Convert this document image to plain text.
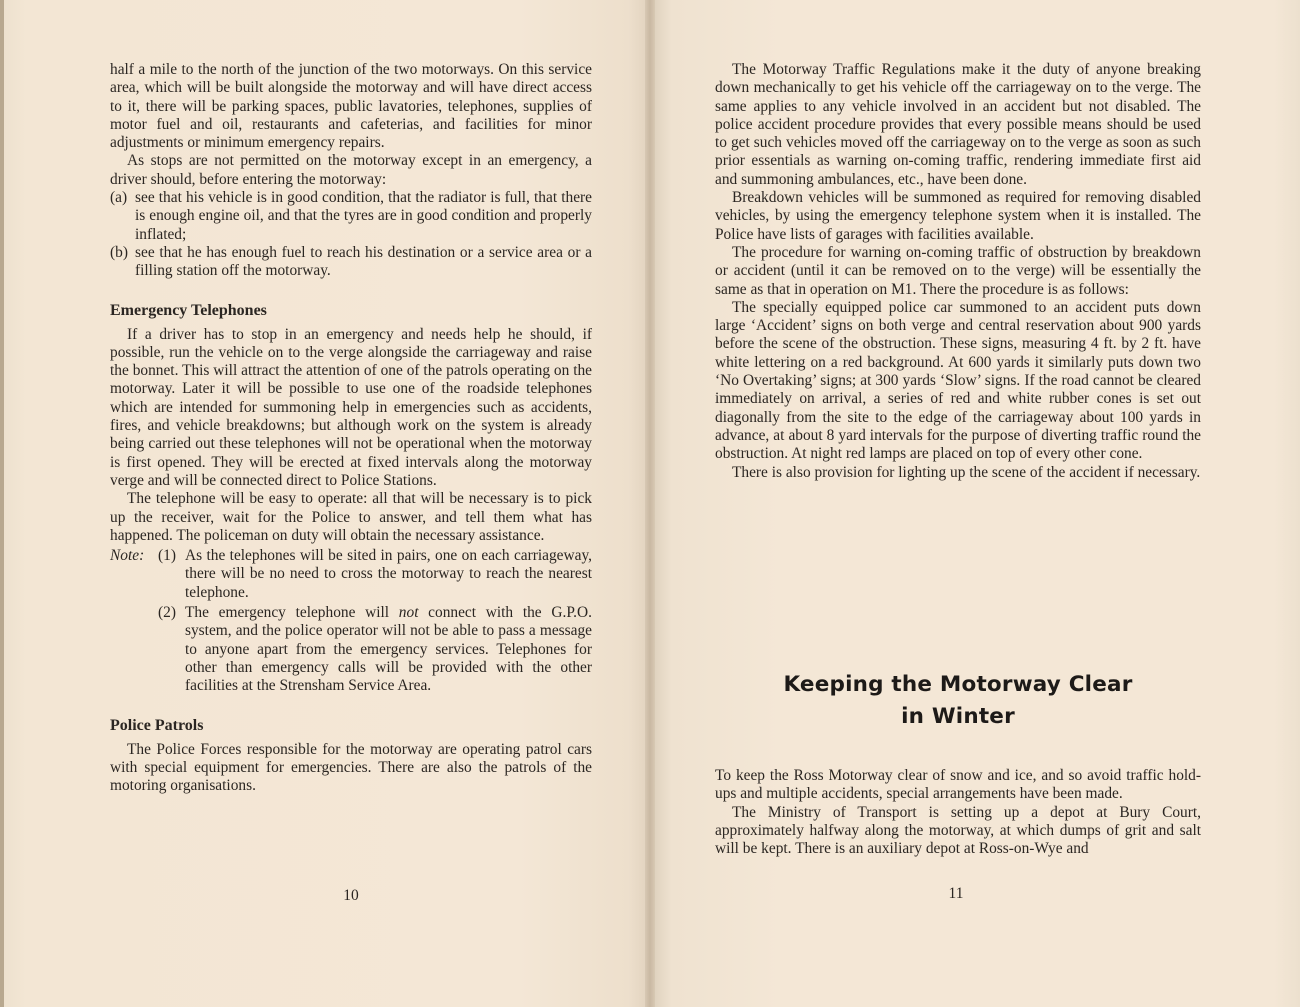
half a mile to the north of the junction of the two motorways. On this service area, which will be built alongside the motorway and will have direct access to it, there will be parking spaces, public lavatories, telephones, supplies of motor fuel and oil, restaurants and cafeterias, and facilities for minor adjustments or minimum emergency repairs.

As stops are not permitted on the motorway except in an emergency, a driver should, before entering the motorway:

(a) see that his vehicle is in good condition, that the radiator is full, that there is enough engine oil, and that the tyres are in good condition and properly inflated;

(b) see that he has enough fuel to reach his destination or a service area or a filling station off the motorway.

Emergency Telephones

If a driver has to stop in an emergency and needs help he should, if possible, run the vehicle on to the verge alongside the carriageway and raise the bonnet. This will attract the attention of one of the patrols operating on the motorway. Later it will be possible to use one of the roadside telephones which are intended for summoning help in emergencies such as accidents, fires, and vehicle breakdowns; but although work on the system is already being carried out these telephones will not be operational when the motorway is first opened. They will be erected at fixed intervals along the motorway verge and will be connected direct to Police Stations.

The telephone will be easy to operate: all that will be necessary is to pick up the receiver, wait for the Police to answer, and tell them what has happened. The policeman on duty will obtain the necessary assistance.

Note: (1) As the telephones will be sited in pairs, one on each carriageway, there will be no need to cross the motorway to reach the nearest telephone.

(2) The emergency telephone will not connect with the G.P.O. system, and the police operator will not be able to pass a message to anyone apart from the emergency services. Telephones for other than emergency calls will be provided with the other facilities at the Strensham Service Area.

Police Patrols

The Police Forces responsible for the motorway are operating patrol cars with special equipment for emergencies. There are also the patrols of the motoring organisations.

10

The Motorway Traffic Regulations make it the duty of anyone breaking down mechanically to get his vehicle off the carriageway on to the verge. The same applies to any vehicle involved in an accident but not disabled. The police accident procedure provides that every possible means should be used to get such vehicles moved off the carriageway on to the verge as soon as such prior essentials as warning on-coming traffic, rendering immediate first aid and summoning ambulances, etc., have been done.

Breakdown vehicles will be summoned as required for removing disabled vehicles, by using the emergency telephone system when it is installed. The Police have lists of garages with facilities available.

The procedure for warning on-coming traffic of obstruction by breakdown or accident (until it can be removed on to the verge) will be essentially the same as that in operation on M1. There the procedure is as follows:

The specially equipped police car summoned to an accident puts down large ‘Accident’ signs on both verge and central reservation about 900 yards before the scene of the obstruction. These signs, measuring 4 ft. by 2 ft. have white lettering on a red background. At 600 yards it similarly puts down two ‘No Overtaking’ signs; at 300 yards ‘Slow’ signs. If the road cannot be cleared immediately on arrival, a series of red and white rubber cones is set out diagonally from the site to the edge of the carriageway about 100 yards in advance, at about 8 yard intervals for the purpose of diverting traffic round the obstruction. At night red lamps are placed on top of every other cone.

There is also provision for lighting up the scene of the accident if necessary.

Keeping the Motorway Clear
in Winter

To keep the Ross Motorway clear of snow and ice, and so avoid traffic hold-ups and multiple accidents, special arrangements have been made.

The Ministry of Transport is setting up a depot at Bury Court, approximately halfway along the motorway, at which dumps of grit and salt will be kept. There is an auxiliary depot at Ross-on-Wye and

11
